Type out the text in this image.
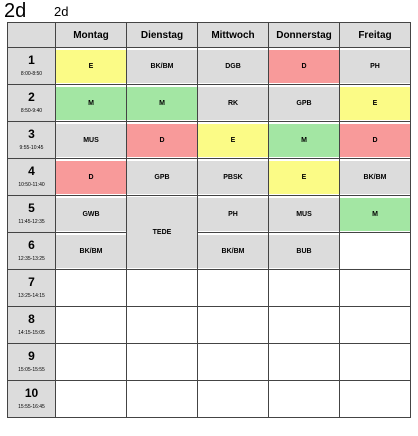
2d 2d
	Montag	Dienstag	Mittwoch	Donnerstag	Freitag

1
8:00-8:50	E	BK/BM	DGB	D	PH

2
8:50-9:40	M	M	RK	GPB	E

3
9:55-10:45	MUS	D	E	M	D

4
10:50-11:40	D	GPB	PBSK	E	BK/BM

5
11:45-12:35	GWB	TEDE	PH	MUS	M

6
12:35-13:25	BK/BM		BK/BM	BUB	

7
13:25-14:15					

8
14:15-15:05					

9
15:05-15:55					

10
15:55-16:45					
